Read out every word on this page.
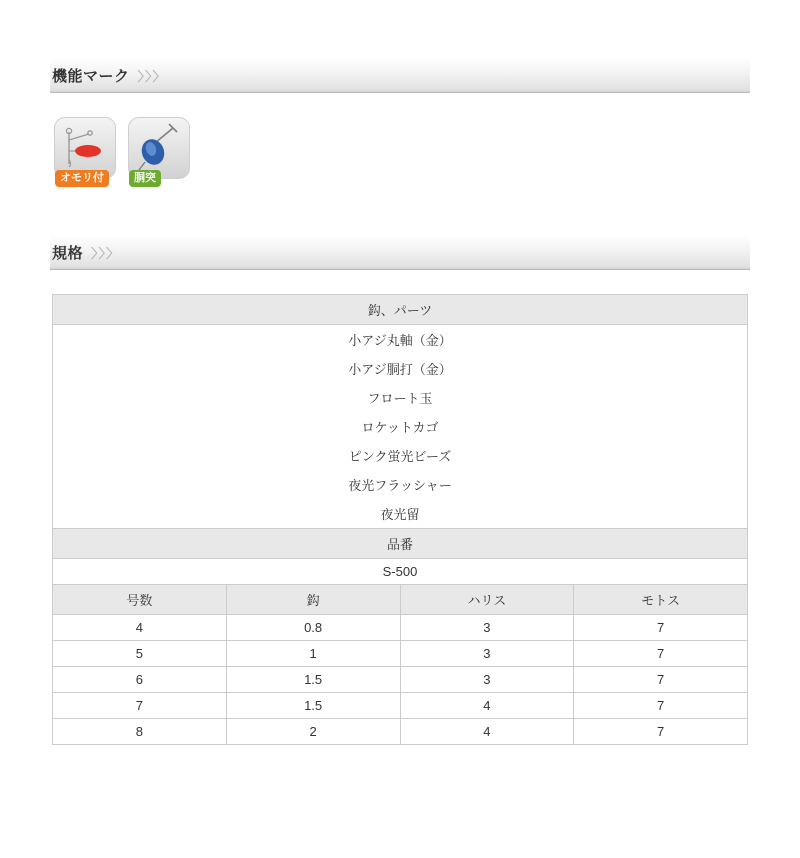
機能マーク 〉〉〉
オモリ付	胴突
規格 〉〉〉
鈎、パーツ			
小アジ丸軸（金）			
小アジ胴打（金）			
フロート玉			
ロケットカゴ			
ピンク蛍光ビーズ			
夜光フラッシャー			
夜光留			
品番			
S-500			
号数	鈎	ハリス	モトス
4	0.8	3	7
5	1	3	7
6	1.5	3	7
7	1.5	4	7
8	2	4	7
